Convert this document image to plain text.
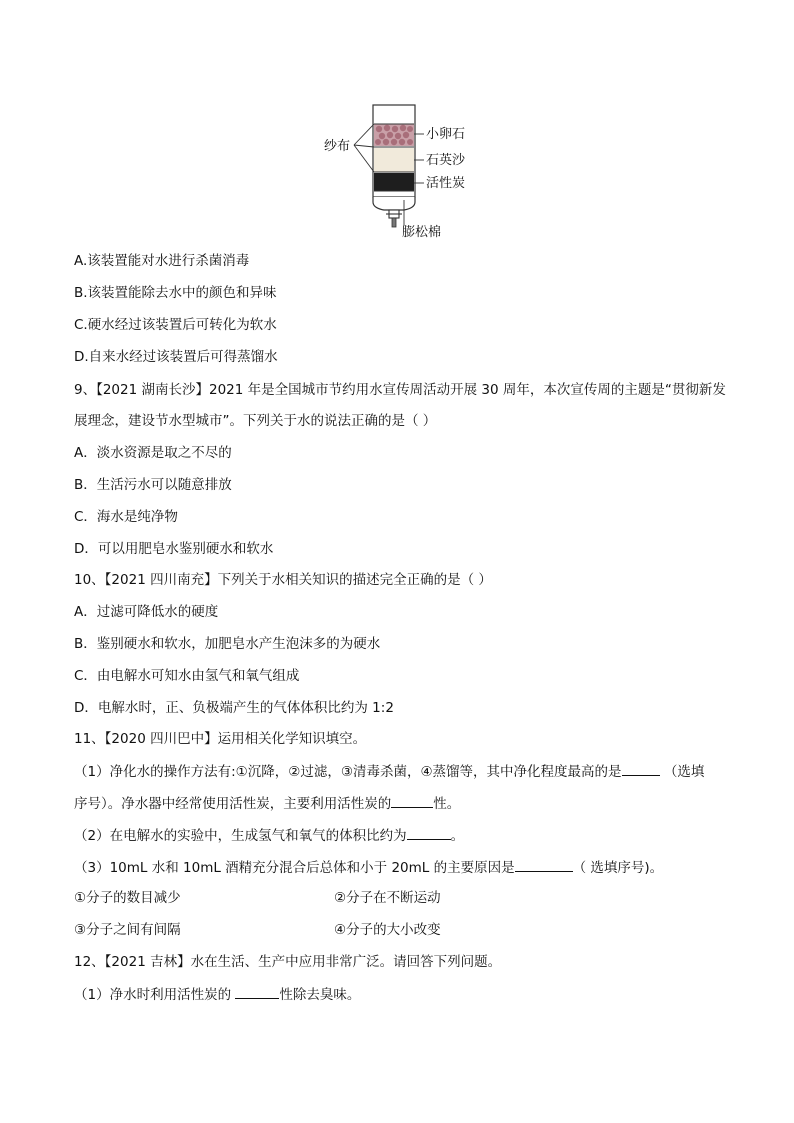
纱布
小卵石
石英沙
活性炭
膨松棉
A.该装置能对水进行杀菌消毒
B.该装置能除去水中的颜色和异味
C.硬水经过该装置后可转化为软水
D.自来水经过该装置后可得蒸馏水
9、【2021 湖南长沙】2021 年是全国城市节约用水宣传周活动开展 30 周年，本次宣传周的主题是“贯彻新发
展理念，建设节水型城市”。下列关于水的说法正确的是（ ）
A．淡水资源是取之不尽的
B．生活污水可以随意排放
C．海水是纯净物
D．可以用肥皂水鉴别硬水和软水
10、【2021 四川南充】下列关于水相关知识的描述完全正确的是（ ）
A．过滤可降低水的硬度
B．鉴别硬水和软水，加肥皂水产生泡沫多的为硬水
C．由电解水可知水由氢气和氧气组成
D．电解水时，正、负极端产生的气体体积比约为 1:2
11、【2020 四川巴中】运用相关化学知识填空。
（1）净化水的操作方法有:①沉降，②过滤，③清毒杀菌，④蒸馏等，其中净化程度最高的是	（选填
序号）。净水器中经常使用活性炭，主要利用活性炭的	性。
（2）在电解水的实验中，生成氢气和氧气的体积比约为	。
（3）10mL 水和 10mL 酒精充分混合后总体和小于 20mL 的主要原因是	（ 选填序号)。
①分子的数目减少	②分子在不断运动
③分子之间有间隔	④分子的大小改变
12、【2021 吉林】水在生活、生产中应用非常广泛。请回答下列问题。
（1）净水时利用活性炭的	性除去臭味。
